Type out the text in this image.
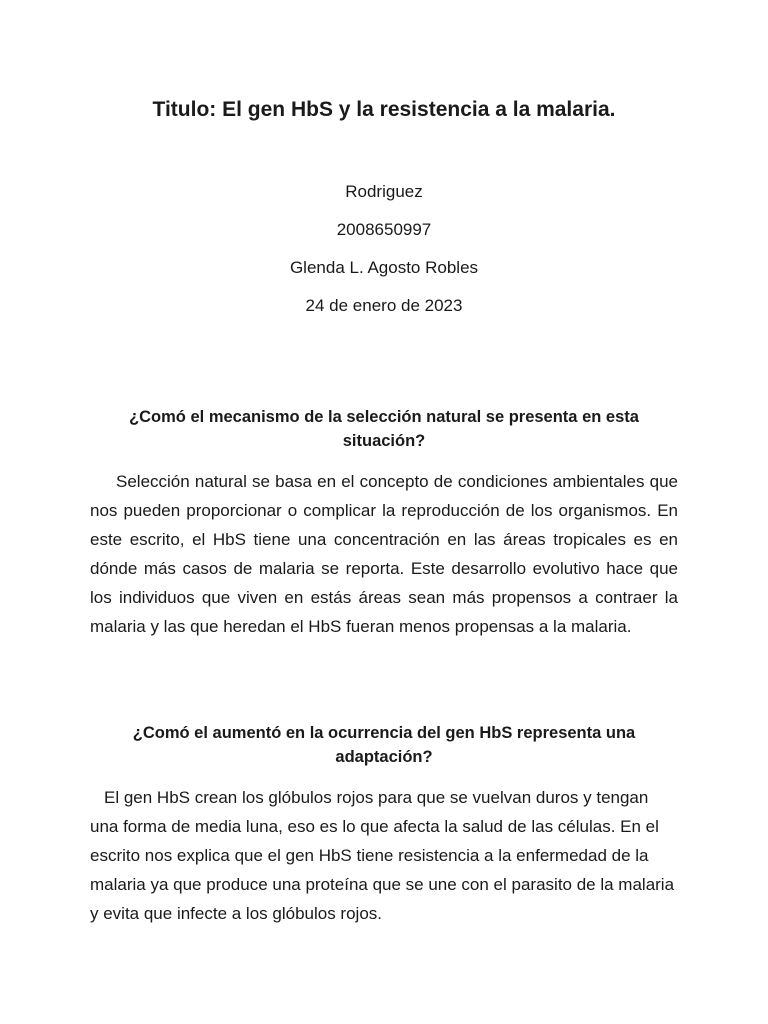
Titulo: El gen HbS y la resistencia a la malaria.
Rodriguez
2008650997
Glenda L. Agosto Robles
24 de enero de 2023
¿Comó el mecanismo de la selección natural se presenta en esta situación?

Selección natural se basa en el concepto de condiciones ambientales que nos pueden proporcionar o complicar la reproducción de los organismos. En este escrito, el HbS tiene una concentración en las áreas tropicales es en dónde más casos de malaria se reporta. Este desarrollo evolutivo hace que los individuos que viven en estás áreas sean más propensos a contraer la malaria y las que heredan el HbS fueran menos propensas a la malaria.

¿Comó el aumentó en la ocurrencia del gen HbS representa una adaptación?

El gen HbS crean los glóbulos rojos para que se vuelvan duros y tengan una forma de media luna, eso es lo que afecta la salud de las células. En el escrito nos explica que el gen HbS tiene resistencia a la enfermedad de la malaria ya que produce una proteína que se une con el parasito de la malaria y evita que infecte a los glóbulos rojos.
